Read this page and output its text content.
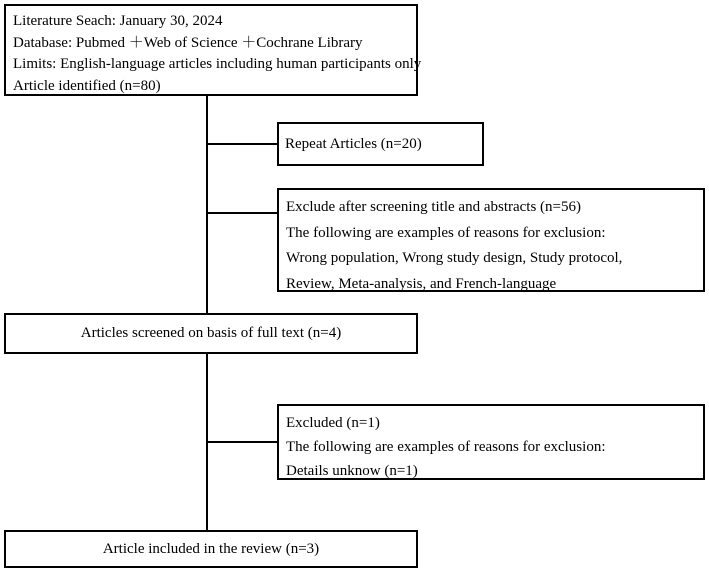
Literature Seach: January 30, 2024
Database: Pubmed ＋Web of Science ＋Cochrane Library
Limits: English-language articles including human participants only
Article identified (n=80)
Repeat Articles (n=20)
Exclude after screening title and abstracts (n=56)
The following are examples of reasons for exclusion:
Wrong population, Wrong study design, Study protocol,
Review, Meta-analysis, and French-language
Articles screened on basis of full text (n=4)
Excluded (n=1)
The following are examples of reasons for exclusion:
Details unknow (n=1)
Article included in the review (n=3)
